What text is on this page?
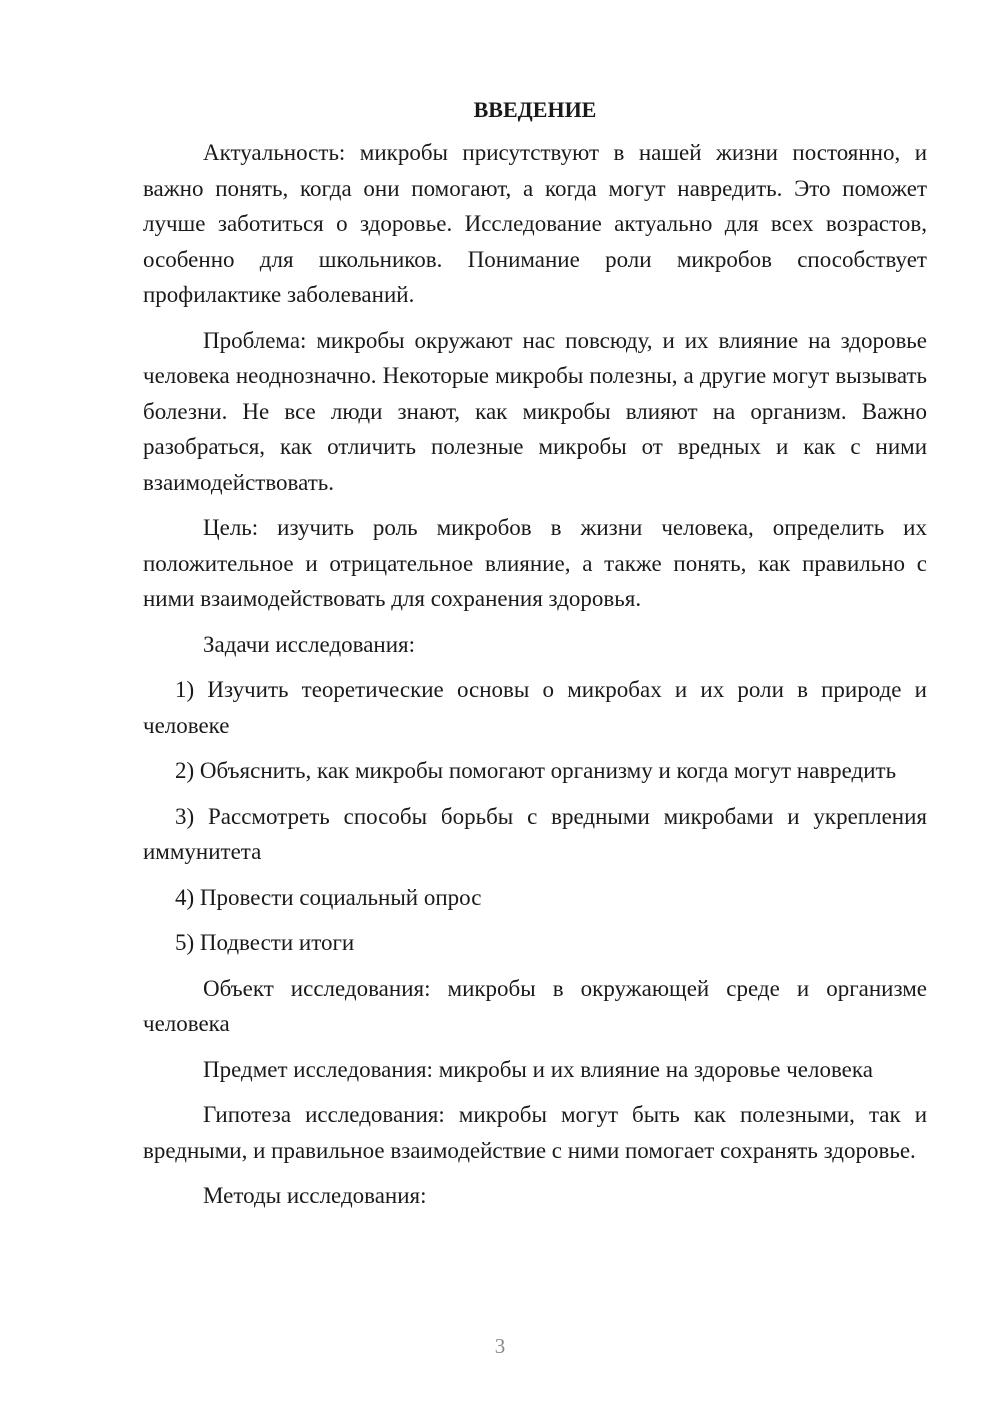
ВВЕДЕНИЕ

Актуальность: микробы присутствуют в нашей жизни постоянно, и важно понять, когда они помогают, а когда могут навредить. Это поможет лучше заботиться о здоровье. Исследование актуально для всех возрастов, особенно для школьников. Понимание роли микробов способствует профилактике заболеваний.

Проблема: микробы окружают нас повсюду, и их влияние на здоровье человека неоднозначно. Некоторые микробы полезны, а другие могут вызывать болезни. Не все люди знают, как микробы влияют на организм. Важно разобраться, как отличить полезные микробы от вредных и как с ними взаимодействовать.

Цель: изучить роль микробов в жизни человека, определить их положительное и отрицательное влияние, а также понять, как правильно с ними взаимодействовать для сохранения здоровья.

Задачи исследования:

1) Изучить теоретические основы о микробах и их роли в природе и человеке

2) Объяснить, как микробы помогают организму и когда могут навредить

3) Рассмотреть способы борьбы с вредными микробами и укрепления иммунитета

4) Провести социальный опрос

5) Подвести итоги

Объект исследования: микробы в окружающей среде и организме человека

Предмет исследования: микробы и их влияние на здоровье человека

Гипотеза исследования: микробы могут быть как полезными, так и вредными, и правильное взаимодействие с ними помогает сохранять здоровье.

Методы исследования:

3
